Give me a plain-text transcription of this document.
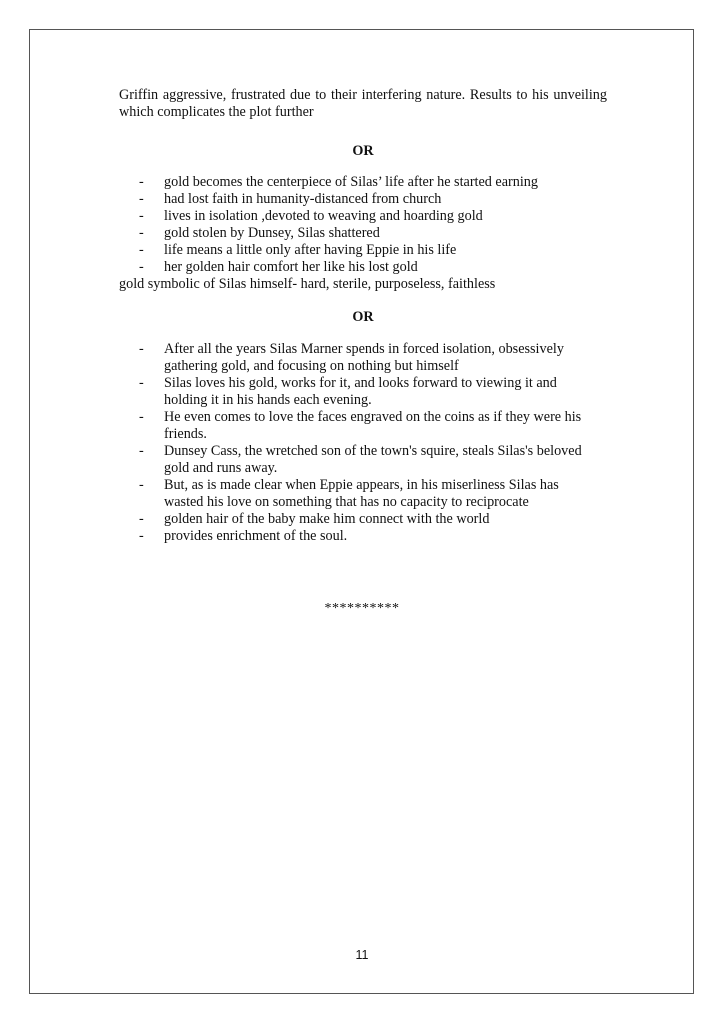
Griffin aggressive, frustrated due to their interfering nature. Results to his unveiling which complicates the plot further

OR

-	gold becomes the centerpiece of Silas’ life after he started earning
-	had lost faith in humanity-distanced from church
-	lives in isolation ,devoted to weaving and hoarding gold
-	gold stolen by Dunsey, Silas shattered
-	life means a little only after having Eppie in his life
-	her golden hair comfort her like his lost gold

gold symbolic of Silas himself- hard, sterile, purposeless, faithless

OR

-	After all the years Silas Marner spends in forced isolation, obsessively gathering gold, and focusing on nothing but himself
-	Silas loves his gold, works for it, and looks forward to viewing it and holding it in his hands each evening.
-	He even comes to love the faces engraved on the coins as if they were his friends.
-	Dunsey Cass, the wretched son of the town's squire, steals Silas's beloved gold and runs away.
-	But, as is made clear when Eppie appears, in his miserliness Silas has wasted his love on something that has no capacity to reciprocate
-	golden hair of the baby make him connect with the world
-	provides enrichment of the soul.
**********
11
